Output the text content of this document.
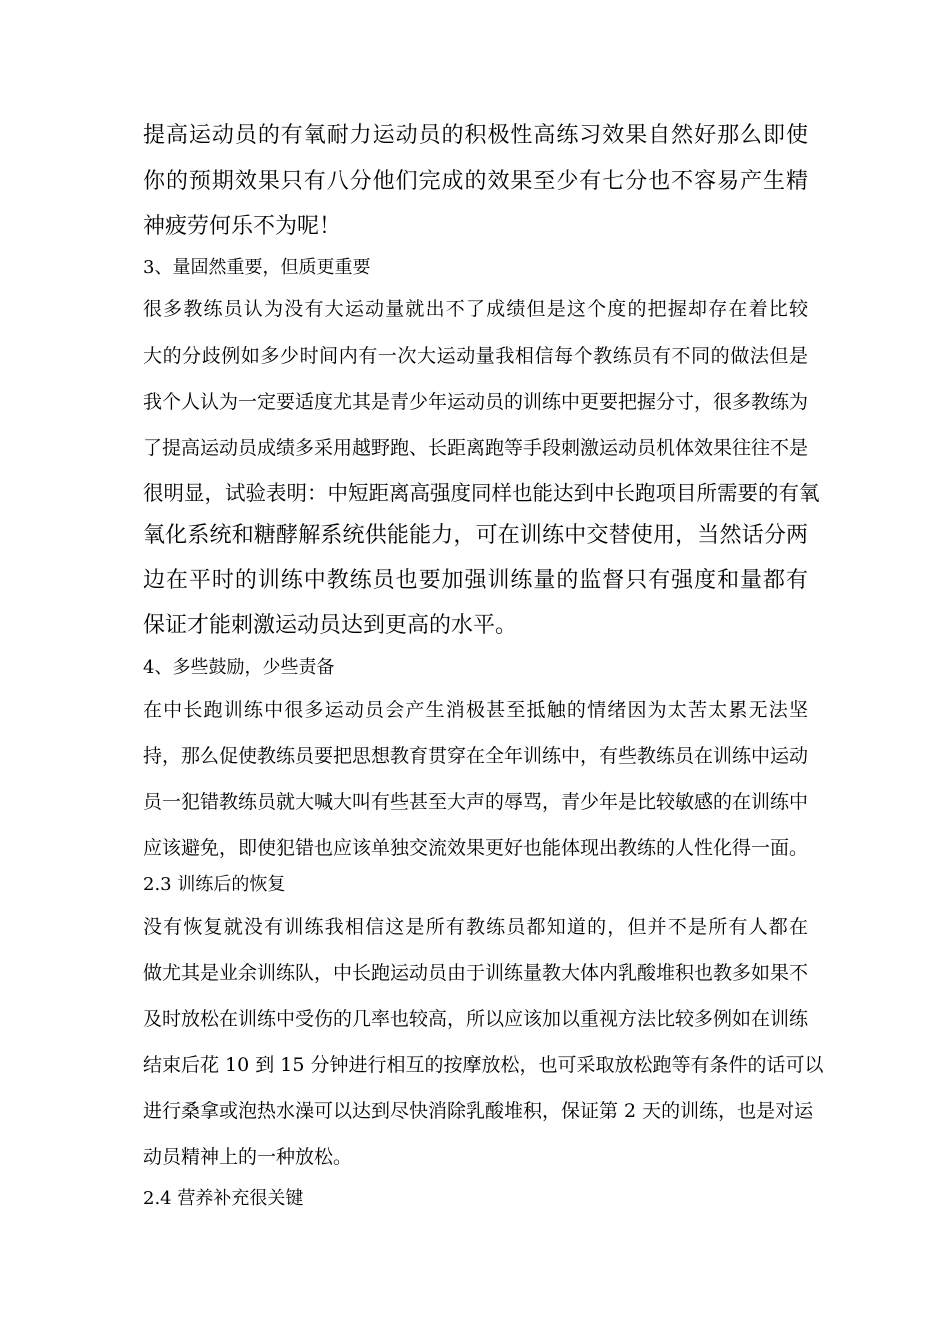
提高运动员的有氧耐力运动员的积极性高练习效果自然好那么即使
你的预期效果只有八分他们完成的效果至少有七分也不容易产生精
神疲劳何乐不为呢！
3、量固然重要，但质更重要
很多教练员认为没有大运动量就出不了成绩但是这个度的把握却存在着比较
大的分歧例如多少时间内有一次大运动量我相信每个教练员有不同的做法但是
我个人认为一定要适度尤其是青少年运动员的训练中更要把握分寸，很多教练为
了提高运动员成绩多采用越野跑、长距离跑等手段刺激运动员机体效果往往不是
很明显，试验表明：中短距离高强度同样也能达到中长跑项目所需要的有氧
氧化系统和糖酵解系统供能能力，可在训练中交替使用，当然话分两
边在平时的训练中教练员也要加强训练量的监督只有强度和量都有
保证才能刺激运动员达到更高的水平。
4、多些鼓励，少些责备
在中长跑训练中很多运动员会产生消极甚至抵触的情绪因为太苦太累无法坚
持，那么促使教练员要把思想教育贯穿在全年训练中，有些教练员在训练中运动
员一犯错教练员就大喊大叫有些甚至大声的辱骂，青少年是比较敏感的在训练中
应该避免，即使犯错也应该单独交流效果更好也能体现出教练的人性化得一面。
2.3 训练后的恢复
没有恢复就没有训练我相信这是所有教练员都知道的，但并不是所有人都在
做尤其是业余训练队，中长跑运动员由于训练量教大体内乳酸堆积也教多如果不
及时放松在训练中受伤的几率也较高，所以应该加以重视方法比较多例如在训练
结束后花 10 到 15 分钟进行相互的按摩放松，也可采取放松跑等有条件的话可以
进行桑拿或泡热水澡可以达到尽快消除乳酸堆积，保证第 2 天的训练，也是对运
动员精神上的一种放松。
2.4 营养补充很关键
